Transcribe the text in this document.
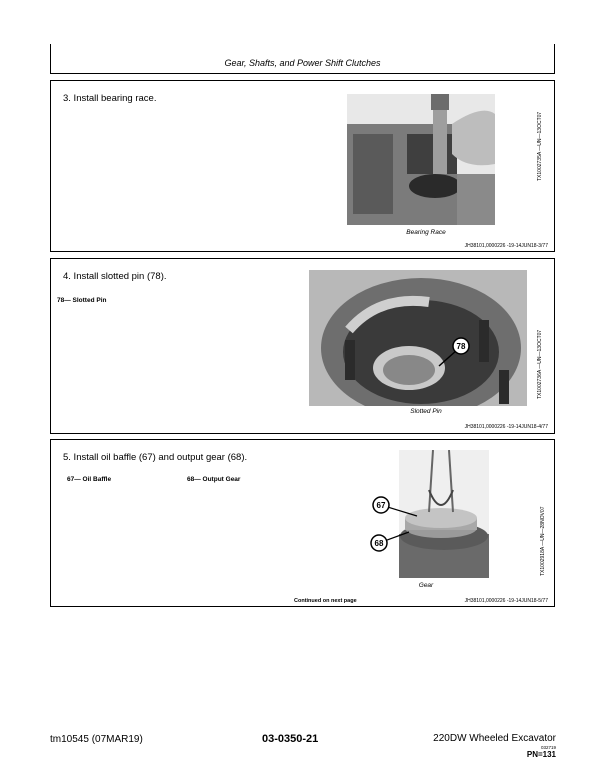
Gear, Shafts, and Power Shift Clutches
3. Install bearing race.
Bearing Race
TX1002735A —UN—13OCT07
JH38101,0000226 -19-14JUN18-3/77
4. Install slotted pin (78).
78— Slotted Pin
78
Slotted Pin
TX1002736A —UN—13OCT07
JH38101,0000226 -19-14JUN18-4/77
5. Install oil baffle (67) and output gear (68).
67— Oil Baffle	68— Output Gear
67
68
Gear
TX1002918A —UN—28NOV07
Continued on next page	JH38101,0000226 -19-14JUN18-5/77
tm10545 (07MAR19)	03-0350-21	220DW Wheeled Excavator
032719
PN=131
